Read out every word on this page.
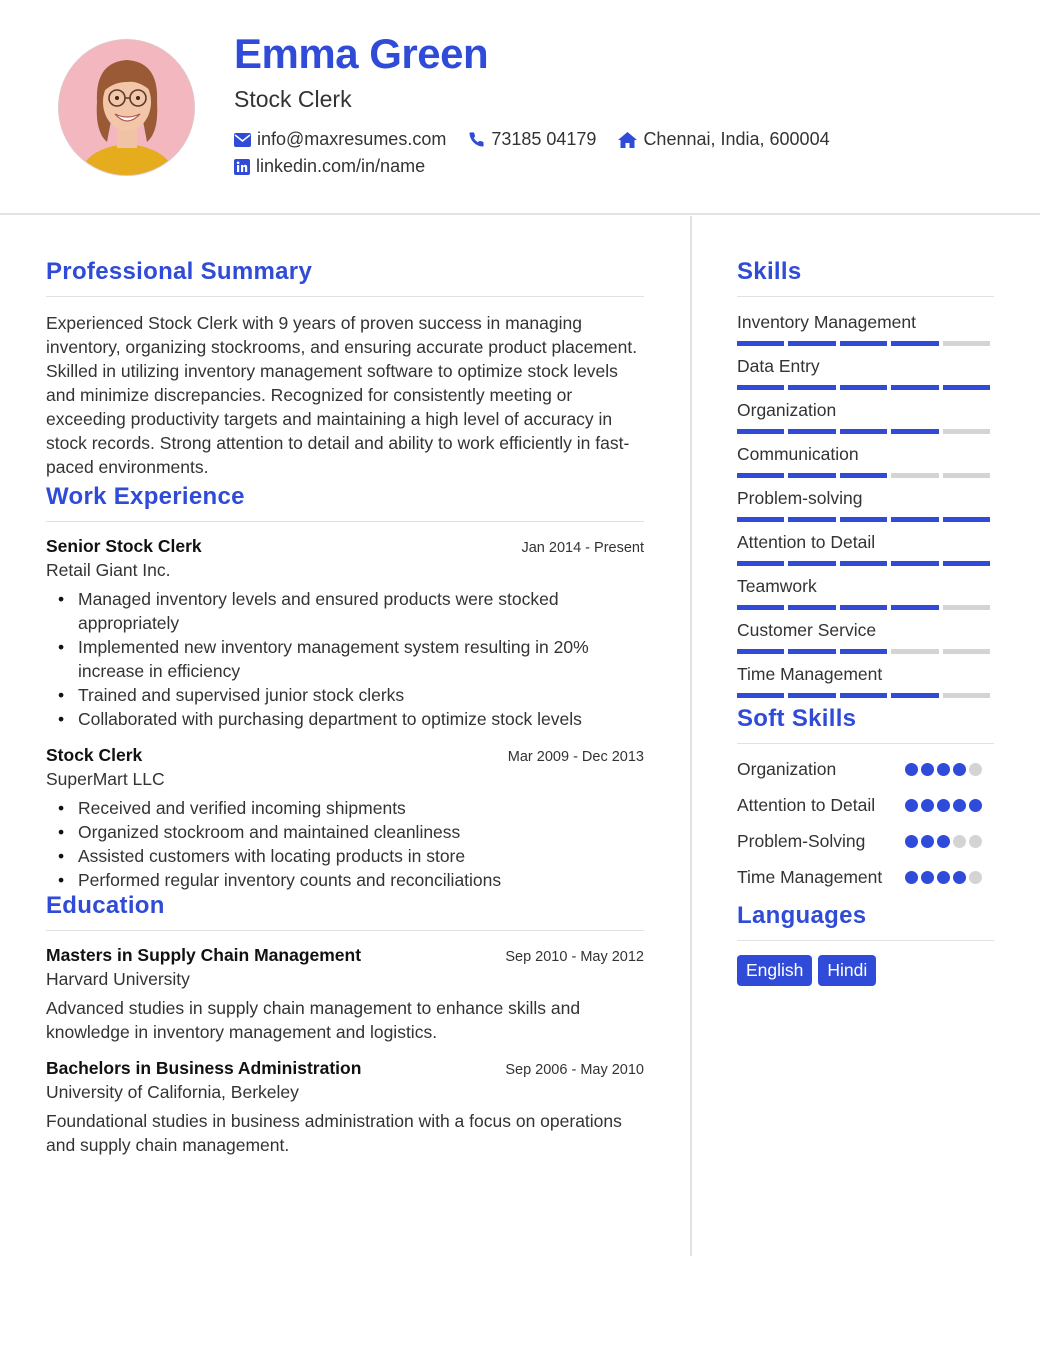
Emma Green
Stock Clerk
info@maxresumes.com	73185 04179	Chennai, India, 600004
linkedin.com/in/name
Professional Summary

Experienced Stock Clerk with 9 years of proven success in managing inventory, organizing stockrooms, and ensuring accurate product placement. Skilled in utilizing inventory management software to optimize stock levels and minimize discrepancies. Recognized for consistently meeting or exceeding productivity targets and maintaining a high level of accuracy in stock records. Strong attention to detail and ability to work efficiently in fast-paced environments.

Work Experience
Senior Stock Clerk	Jan 2014 - Present
Retail Giant Inc.
• Managed inventory levels and ensured products were stocked appropriately
• Implemented new inventory management system resulting in 20% increase in efficiency
• Trained and supervised junior stock clerks
• Collaborated with purchasing department to optimize stock levels
Stock Clerk	Mar 2009 - Dec 2013
SuperMart LLC
• Received and verified incoming shipments
• Organized stockroom and maintained cleanliness
• Assisted customers with locating products in store
• Performed regular inventory counts and reconciliations
Education
Masters in Supply Chain Management	Sep 2010 - May 2012
Harvard University

Advanced studies in supply chain management to enhance skills and knowledge in inventory management and logistics.

Bachelors in Business Administration	Sep 2006 - May 2010
University of California, Berkeley

Foundational studies in business administration with a focus on operations and supply chain management.

Skills
Inventory Management
Data Entry
Organization
Communication
Problem-solving
Attention to Detail
Teamwork
Customer Service
Time Management
Soft Skills
Organization
Attention to Detail
Problem-Solving
Time Management
Languages
English	Hindi
